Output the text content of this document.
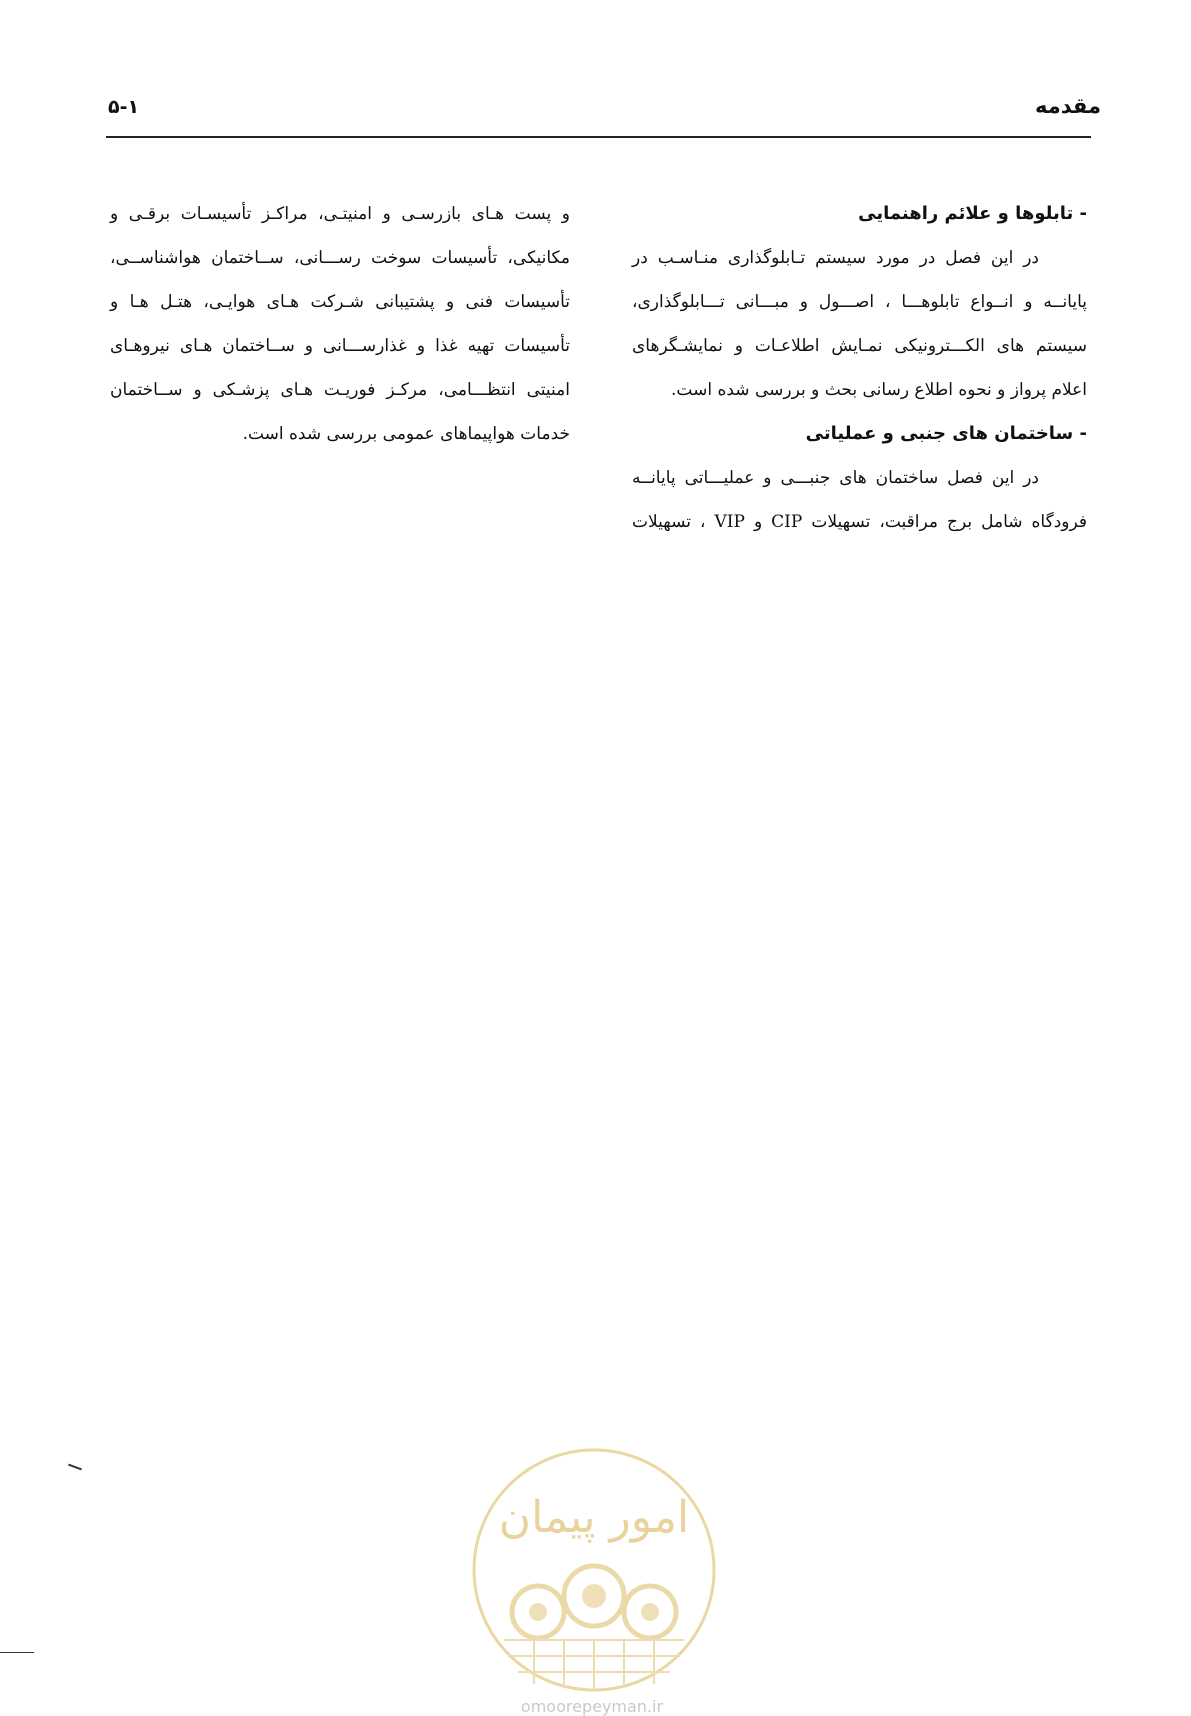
مقدمه
۵-۱
- تابلوها و علائم راهنمایی
در این فصل در مورد سیستم تـابلوگذاری منـاسـب در
پایانــه و انــواع تابلوهـــا ، اصـــول و مبـــانی تـــابلوگذاری،
سیستم های الکـــترونیکی نمـایش اطلاعـات و نمایشـگرهای
اعلام پرواز و نحوه اطلاع رسانی بحث و بررسی شده است.
- ساختمان های جنبی و عملیاتی
در این فصل ساختمان های جنبـــی و عملیـــاتی پایانــه
فرودگاه شامل برج مراقبت، تسهیلات CIP و VIP ، تسهیلات
و پست هـای بازرسـی و امنیتـی، مراکـز تأسیسـات برقـی و
مکانیکی، تأسیسات سوخت رســـانی، ســاختمان هواشناســی،
تأسیسات فنی و پشتیبانی شـرکت هـای هوایـی، هتـل هـا و
تأسیسات تهیه غذا و غذارســـانی و ســاختمان هـای نیروهـای
امنیتی انتظـــامی، مرکـز فوریـت هـای پزشـکی و ســاختمان
خدمات هواپیماهای عمومی بررسی شده است.
امور پیمان
omoorepeyman.ir
